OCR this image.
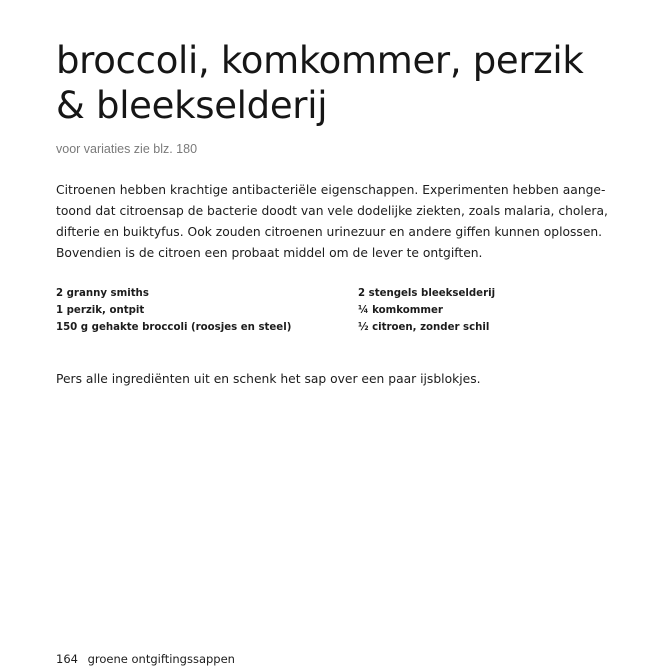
broccoli, komkommer, perzik
& bleekselderij
voor variaties zie blz. 180
Citroenen hebben krachtige antibacteriële eigenschappen. Experimenten hebben aange-
toond dat citroensap de bacterie doodt van vele dodelijke ziekten, zoals malaria, cholera,
difterie en buiktyfus. Ook zouden citroenen urinezuur en andere giffen kunnen oplossen.
Bovendien is de citroen een probaat middel om de lever te ontgiften.
2 granny smiths
1 perzik, ontpit
150 g gehakte broccoli (roosjes en steel)
2 stengels bleekselderij
¼ komkommer
½ citroen, zonder schil
Pers alle ingrediënten uit en schenk het sap over een paar ijsblokjes.
164 groene ontgiftingssappen
